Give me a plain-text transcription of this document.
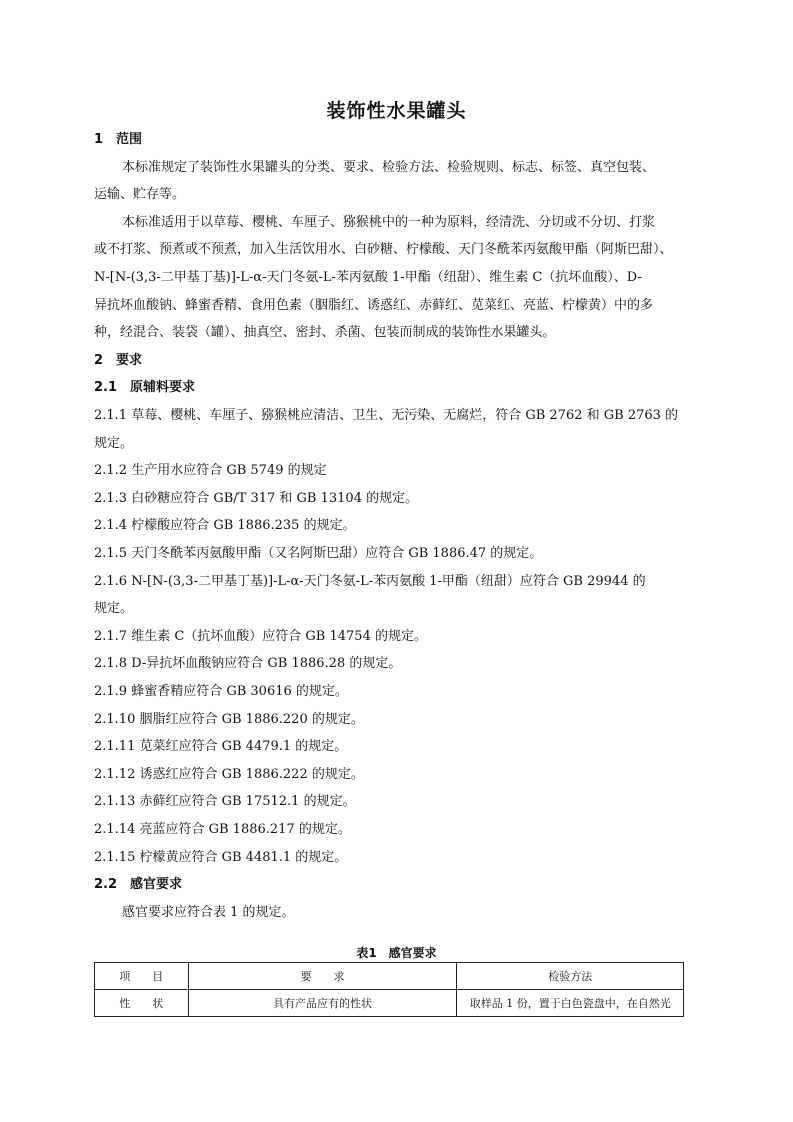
装饰性水果罐头
1　范围
本标准规定了装饰性水果罐头的分类、要求、检验方法、检验规则、标志、标签、真空包装、
运输、贮存等。
本标准适用于以草莓、樱桃、车厘子、猕猴桃中的一种为原料，经清洗、分切或不分切、打浆
或不打浆、预煮或不预煮，加入生活饮用水、白砂糖、柠檬酸、天门冬酰苯丙氨酸甲酯（阿斯巴甜）、
N-[N-(3,3-二甲基丁基)]-L-α-天门冬氨-L-苯丙氨酸 1-甲酯（纽甜）、维生素 C（抗坏血酸）、D-
异抗坏血酸钠、蜂蜜香精、食用色素（胭脂红、诱惑红、赤藓红、苋菜红、亮蓝、柠檬黄）中的多
种，经混合、装袋（罐）、抽真空、密封、杀菌、包装而制成的装饰性水果罐头。
2　要求
2.1　原辅料要求
2.1.1 草莓、樱桃、车厘子、猕猴桃应清洁、卫生、无污染、无腐烂，符合 GB 2762 和 GB 2763 的
规定。
2.1.2 生产用水应符合 GB 5749 的规定
2.1.3 白砂糖应符合 GB/T 317 和 GB 13104 的规定。
2.1.4 柠檬酸应符合 GB 1886.235 的规定。
2.1.5 天门冬酰苯丙氨酸甲酯（又名阿斯巴甜）应符合 GB 1886.47 的规定。
2.1.6 N-[N-(3,3-二甲基丁基)]-L-α-天门冬氨-L-苯丙氨酸 1-甲酯（纽甜）应符合 GB 29944 的
规定。
2.1.7 维生素 C（抗坏血酸）应符合 GB 14754 的规定。
2.1.8 D-异抗坏血酸钠应符合 GB 1886.28 的规定。
2.1.9 蜂蜜香精应符合 GB 30616 的规定。
2.1.10 胭脂红应符合 GB 1886.220 的规定。
2.1.11 苋菜红应符合 GB 4479.1 的规定。
2.1.12 诱惑红应符合 GB 1886.222 的规定。
2.1.13 赤藓红应符合 GB 17512.1 的规定。
2.1.14 亮蓝应符合 GB 1886.217 的规定。
2.1.15 柠檬黄应符合 GB 4481.1 的规定。
2.2　感官要求
感官要求应符合表 1 的规定。
表1　感官要求
项　　目	要　　求	检验方法
性　　状	具有产品应有的性状	取样品 1 份，置于白色瓷盘中，在自然光
